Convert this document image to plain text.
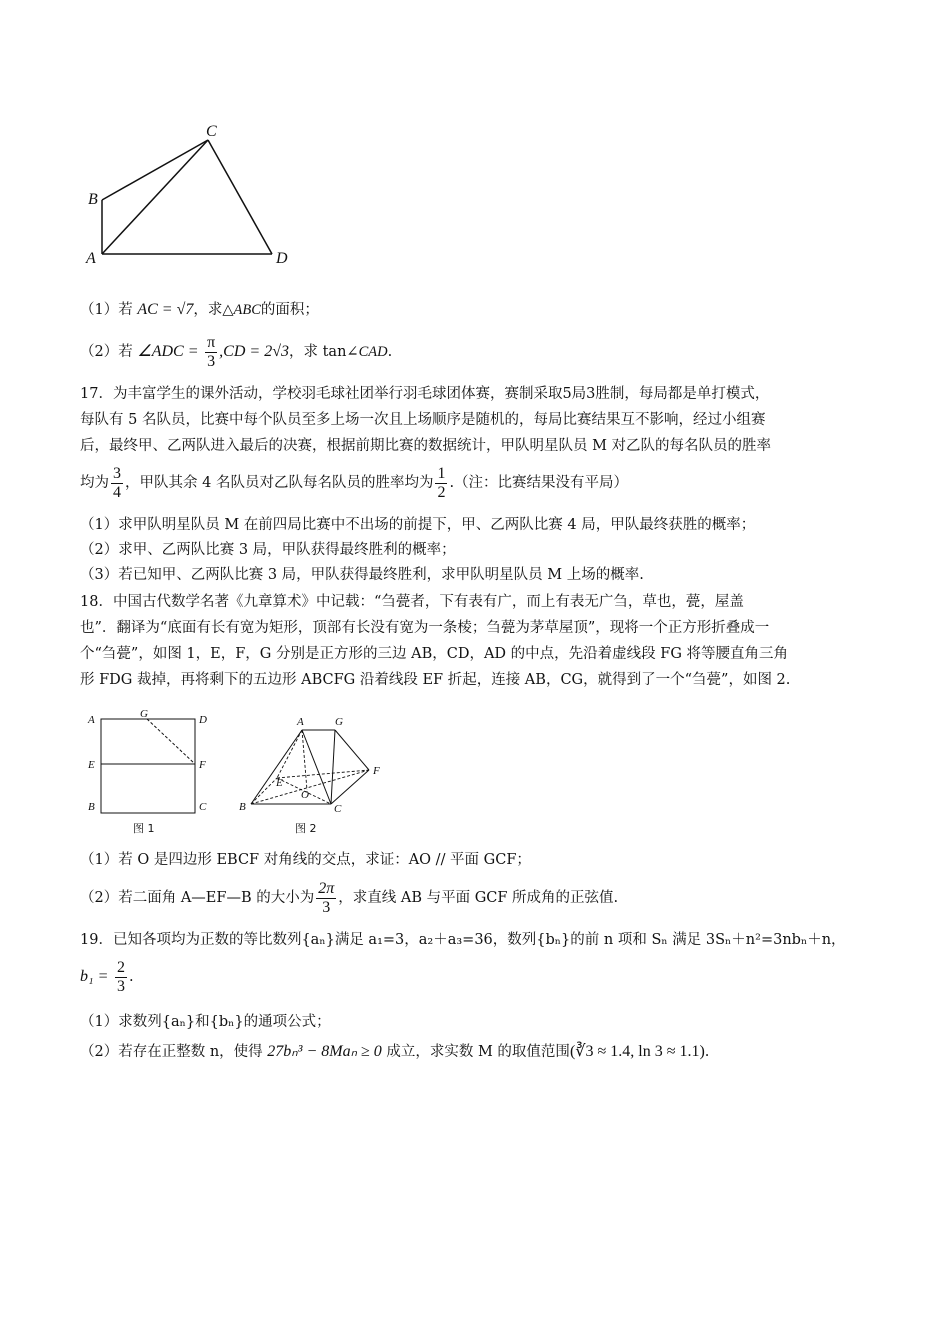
A
B
C
D
（1）若 AC = √7，求△ABC的面积；
（2）若 ∠ADC = $\frac{\pi}{3} ,CD = 2√3$，求 tan∠CAD.
17．为丰富学生的课外活动，学校羽毛球社团举行羽毛球团体赛，赛制采取5局3胜制，每局都是单打模式，
每队有 5 名队员，比赛中每个队员至多上场一次且上场顺序是随机的，每局比赛结果互不影响，经过小组赛
后，最终甲、乙两队进入最后的决赛，根据前期比赛的数据统计，甲队明星队员 M 对乙队的每名队员的胜率
均为 $\frac{3}{4}$ ，甲队其余 4 名队员对乙队每名队员的胜率均为 $\frac{1}{2}$ .（注：比赛结果没有平局）
（1）求甲队明星队员 M 在前四局比赛中不出场的前提下，甲、乙两队比赛 4 局，甲队最终获胜的概率；
（2）求甲、乙两队比赛 3 局，甲队获得最终胜利的概率；
（3）若已知甲、乙两队比赛 3 局，甲队获得最终胜利，求甲队明星队员 M 上场的概率.
18．中国古代数学名著《九章算术》中记载：“刍甍者，下有表有广，而上有表无广刍，草也，甍，屋盖
也”．翻译为“底面有长有宽为矩形，顶部有长没有宽为一条棱；刍甍为茅草屋顶”，现将一个正方形折叠成一
个“刍甍”，如图 1，E，F，G 分别是正方形的三边 AB，CD，AD 的中点，先沿着虚线段 FG 将等腰直角三角
形 FDG 裁掉，再将剩下的五边形 ABCFG 沿着线段 EF 折起，连接 AB，CG，就得到了一个“刍甍”，如图 2.
A	G	D
E	F
B	C
图 1
A	G
E
F
O
B	C
图 2
（1）若 O 是四边形 EBCF 对角线的交点，求证：AO // 平面 GCF；
（2）若二面角 A—EF—B 的大小为 $\frac{2\pi}{3}$ ，求直线 AB 与平面 GCF 所成角的正弦值.
19．已知各项均为正数的等比数列{aₙ}满足 a₁=3，a₂＋a₃=36，数列{bₙ}的前 n 项和 Sₙ 满足 3Sₙ＋n²=3nbₙ＋n，
$b_1 = \frac{2}{3}$ .
（1）求数列{aₙ}和{bₙ}的通项公式；
（2）若存在正整数 n，使得 27bₙ³ − 8Maₙ ≥ 0 成立，求实数 M 的取值范围(∛3 ≈ 1.4, ln 3 ≈ 1.1).
